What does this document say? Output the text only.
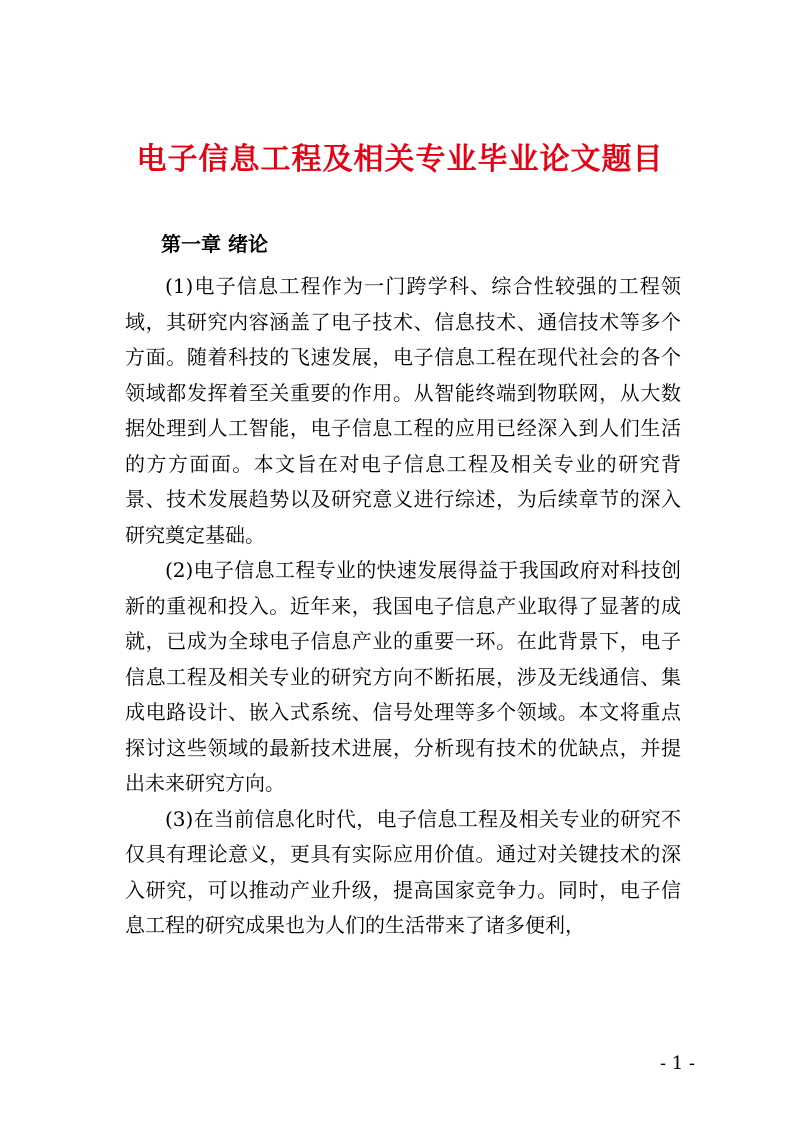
电子信息工程及相关专业毕业论文题目
第一章 绪论

(1)电子信息工程作为一门跨学科、综合性较强的工程领域，其研究内容涵盖了电子技术、信息技术、通信技术等多个方面。随着科技的飞速发展，电子信息工程在现代社会的各个领域都发挥着至关重要的作用。从智能终端到物联网，从大数据处理到人工智能，电子信息工程的应用已经深入到人们生活的方方面面。本文旨在对电子信息工程及相关专业的研究背景、技术发展趋势以及研究意义进行综述，为后续章节的深入研究奠定基础。

(2)电子信息工程专业的快速发展得益于我国政府对科技创新的重视和投入。近年来，我国电子信息产业取得了显著的成就，已成为全球电子信息产业的重要一环。在此背景下，电子信息工程及相关专业的研究方向不断拓展，涉及无线通信、集成电路设计、嵌入式系统、信号处理等多个领域。本文将重点探讨这些领域的最新技术进展，分析现有技术的优缺点，并提出未来研究方向。

(3)在当前信息化时代，电子信息工程及相关专业的研究不仅具有理论意义，更具有实际应用价值。通过对关键技术的深入研究，可以推动产业升级，提高国家竞争力。同时，电子信息工程的研究成果也为人们的生活带来了诸多便利，

- 1 -
